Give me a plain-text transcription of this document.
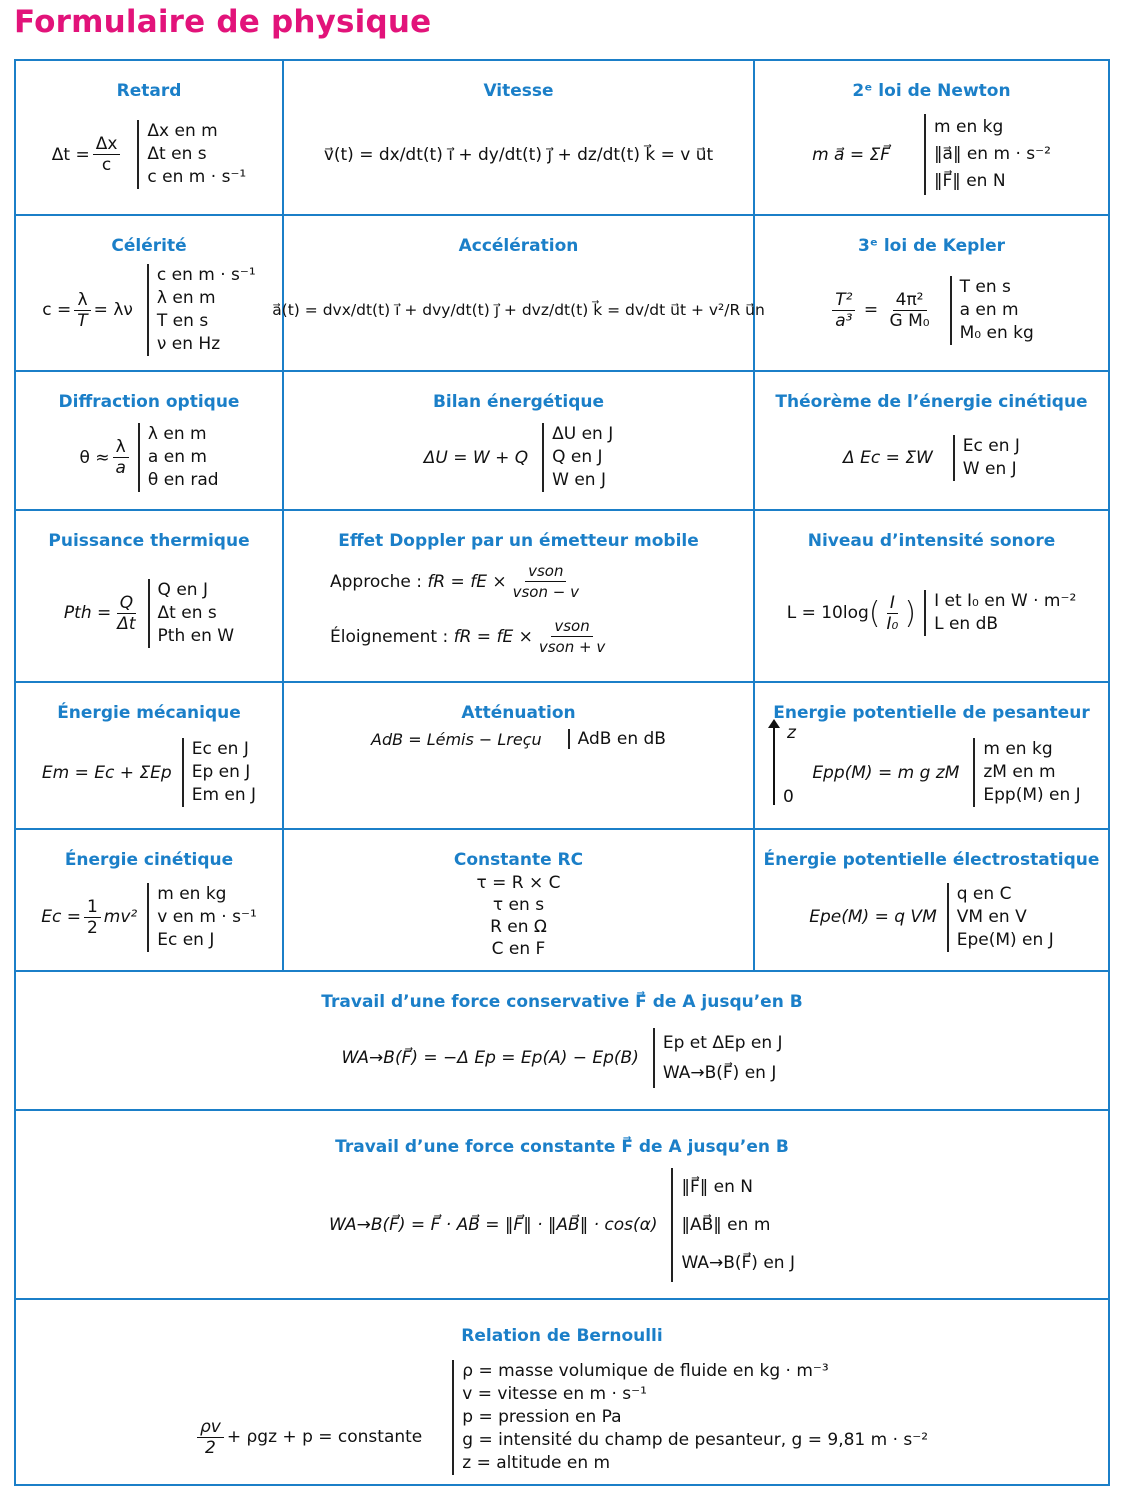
Formulaire de physique
Retard
$\Delta t = \frac{\Delta x}{c}$
Δx en m
Δt en s
c en m · s⁻¹
Vitesse
v⃗(t) = dx/dt(t) i⃗ + dy/dt(t) j⃗ + dz/dt(t) k⃗ = v u⃗t
2ᵉ loi de Newton
m a⃗ = ΣF⃗
m en kg
‖a⃗‖ en m · s⁻²
‖F⃗‖ en N
Célérité
$c = \frac{\lambda}{T} = \lambda\nu$
c en m · s⁻¹
λ en m
T en s
ν en Hz
Accélération
a⃗(t) = dvx/dt(t) i⃗ + dvy/dt(t) j⃗ + dvz/dt(t) k⃗ = dv/dt u⃗t + v²/R u⃗n
3ᵉ loi de Kepler
$\frac{\text{T²}}{\text{a³}} = \frac{\text{4π²}}{\text{G M₀}}$
T en s
a en m
M₀ en kg
Diffraction optique
$\theta \approx \frac{\lambda}{a}$
λ en m
a en m
θ en rad
Bilan énergétique
ΔU = W + Q
ΔU en J
Q en J
W en J
Théorème de l’énergie cinétique
Δ Ec = ΣW
Ec en J
W en J
Puissance thermique
Pth = $\frac{Q}{\Delta t}$
Q en J
Δt en s
Pth en W
Effet Doppler par un émetteur mobile
Approche :
fR = fE × $\frac{\text{vson}}{\text{vson − v}}$
Éloignement :
fR = fE × $\frac{\text{vson}}{\text{vson + v}}$
Niveau d’intensité sonore
L = 10log ( $\frac{I}{\text{I₀}}$ ) I et I₀ en W · m⁻²
L en dB
Énergie mécanique
Em = Ec + ΣEp
Ec en J
Ep en J
Em en J
Atténuation
AdB = Lémis − Lreçu AdB en dB
Energie potentielle de pesanteur
z
0
Epp(M) = m g zM
m en kg
zM en m
Epp(M) en J
Énergie cinétique
$Ec = \frac{1}{2} mv^2$
m en kg
v en m · s⁻¹
Ec en J
Constante RC
τ = R × C
τ en s
R en Ω
C en F
Énergie potentielle électrostatique
Epe(M) = q VM
q en C
VM en V
Epe(M) en J
Travail d’une force conservative F⃗ de A jusqu’en B
WA→B(F⃗) = −Δ Ep = Ep(A) − Ep(B)
Ep et ΔEp en J
WA→B(F⃗) en J
Travail d’une force constante F⃗ de A jusqu’en B
WA→B(F⃗) = F⃗ · AB⃗ = ‖F⃗‖ · ‖AB⃗‖ · cos(α)
‖F⃗‖ en N
‖AB⃗‖ en m
WA→B(F⃗) en J
Relation de Bernoulli
$\frac{\rho v}{2} + \rho gz + p$ = constante
ρ = masse volumique de fluide en kg · m⁻³
v = vitesse en m · s⁻¹
p = pression en Pa
g = intensité du champ de pesanteur, g = 9,81 m · s⁻²
z = altitude en m
